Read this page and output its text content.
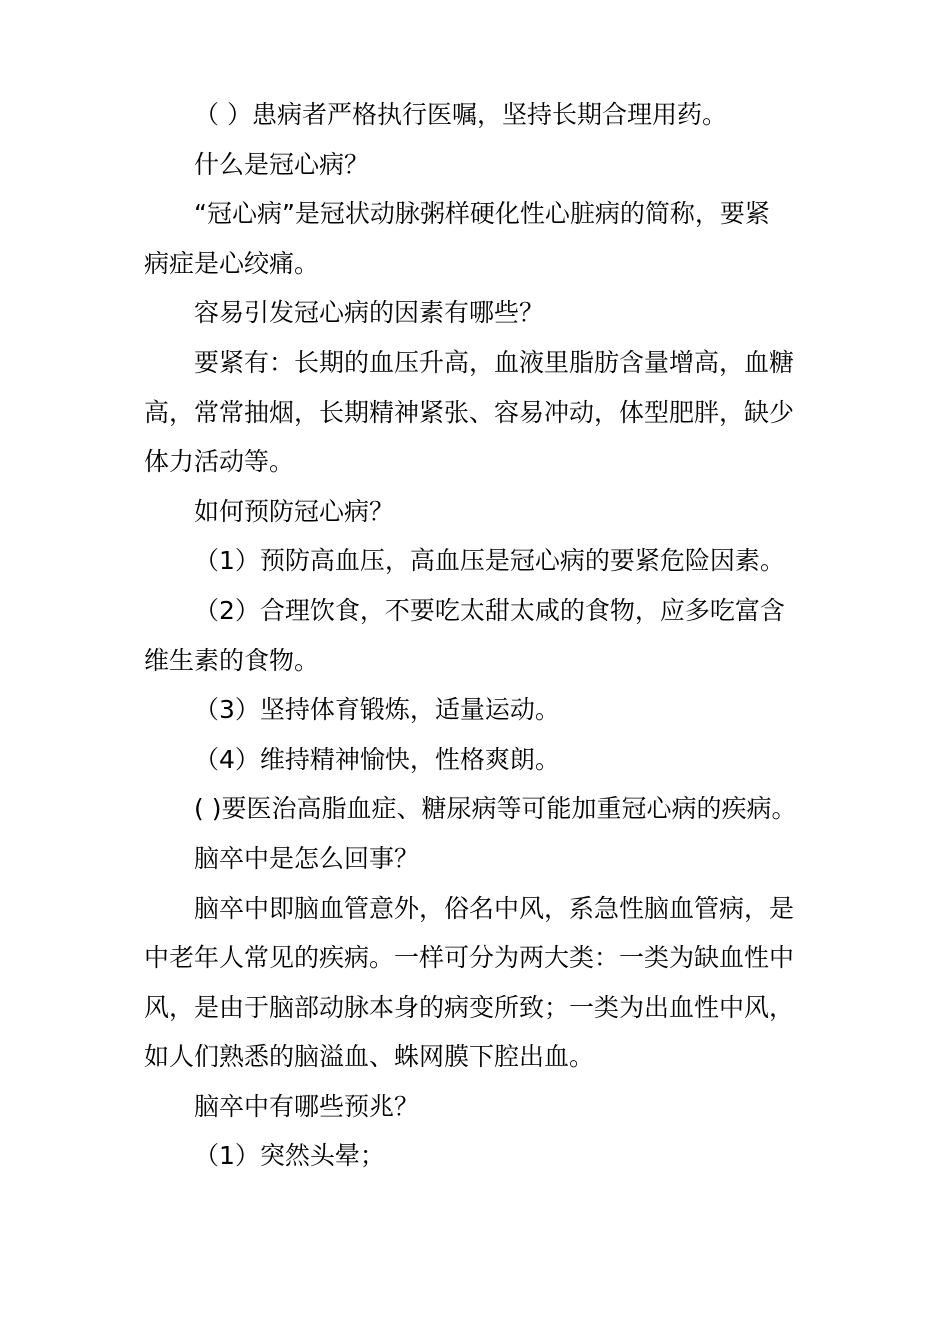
（ ）患病者严格执行医嘱，坚持长期合理用药。

什么是冠心病？

“冠心病”是冠状动脉粥样硬化性心脏病的简称，要紧
病症是心绞痛。

容易引发冠心病的因素有哪些？

要紧有：长期的血压升高，血液里脂肪含量增高，血糖
高，常常抽烟，长期精神紧张、容易冲动，体型肥胖，缺少
体力活动等。

如何预防冠心病？

（1）预防高血压，高血压是冠心病的要紧危险因素。

（2）合理饮食，不要吃太甜太咸的食物，应多吃富含
维生素的食物。

（3）坚持体育锻炼，适量运动。

（4）维持精神愉快，性格爽朗。

( )要医治高脂血症、糖尿病等可能加重冠心病的疾病。

脑卒中是怎么回事？

脑卒中即脑血管意外，俗名中风，系急性脑血管病，是
中老年人常见的疾病。一样可分为两大类：一类为缺血性中
风，是由于脑部动脉本身的病变所致；一类为出血性中风，
如人们熟悉的脑溢血、蛛网膜下腔出血。

脑卒中有哪些预兆？

（1）突然头晕；
